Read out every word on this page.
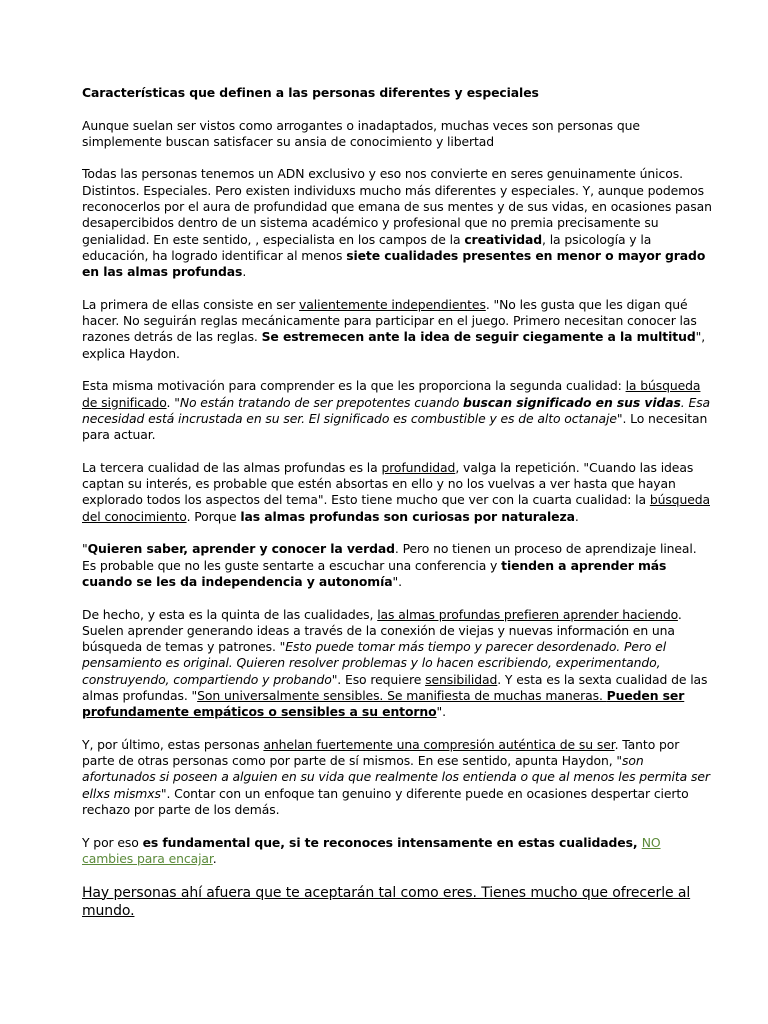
Características que definen a las personas diferentes y especiales

Aunque suelan ser vistos como arrogantes o inadaptados, muchas veces son personas que simplemente buscan satisfacer su ansia de conocimiento y libertad

Todas las personas tenemos un ADN exclusivo y eso nos convierte en seres genuinamente únicos. Distintos. Especiales. Pero existen individuxs mucho más diferentes y especiales. Y, aunque podemos reconocerlos por el aura de profundidad que emana de sus mentes y de sus vidas, en ocasiones pasan desapercibidos dentro de un sistema académico y profesional que no premia precisamente su genialidad. En este sentido, , especialista en los campos de la creatividad, la psicología y la educación, ha logrado identificar al menos siete cualidades presentes en menor o mayor grado en las almas profundas.

La primera de ellas consiste en ser valientemente independientes. "No les gusta que les digan qué hacer. No seguirán reglas mecánicamente para participar en el juego. Primero necesitan conocer las razones detrás de las reglas. Se estremecen ante la idea de seguir ciegamente a la multitud", explica Haydon.

Esta misma motivación para comprender es la que les proporciona la segunda cualidad: la búsqueda de significado. "No están tratando de ser prepotentes cuando buscan significado en sus vidas. Esa necesidad está incrustada en su ser. El significado es combustible y es de alto octanaje". Lo necesitan para actuar.

La tercera cualidad de las almas profundas es la profundidad, valga la repetición. "Cuando las ideas captan su interés, es probable que estén absortas en ello y no los vuelvas a ver hasta que hayan explorado todos los aspectos del tema". Esto tiene mucho que ver con la cuarta cualidad: la búsqueda del conocimiento. Porque las almas profundas son curiosas por naturaleza.

"Quieren saber, aprender y conocer la verdad. Pero no tienen un proceso de aprendizaje lineal. Es probable que no les guste sentarte a escuchar una conferencia y tienden a aprender más cuando se les da independencia y autonomía".

De hecho, y esta es la quinta de las cualidades, las almas profundas prefieren aprender haciendo. Suelen aprender generando ideas a través de la conexión de viejas y nuevas información en una búsqueda de temas y patrones. "Esto puede tomar más tiempo y parecer desordenado. Pero el pensamiento es original. Quieren resolver problemas y lo hacen escribiendo, experimentando, construyendo, compartiendo y probando". Eso requiere sensibilidad. Y esta es la sexta cualidad de las almas profundas. "Son universalmente sensibles. Se manifiesta de muchas maneras. Pueden ser profundamente empáticos o sensibles a su entorno".

Y, por último, estas personas anhelan fuertemente una compresión auténtica de su ser. Tanto por parte de otras personas como por parte de sí mismos. En ese sentido, apunta Haydon, "son afortunados si poseen a alguien en su vida que realmente los entienda o que al menos les permita ser ellxs mismxs". Contar con un enfoque tan genuino y diferente puede en ocasiones despertar cierto rechazo por parte de los demás.

Y por eso es fundamental que, si te reconoces intensamente en estas cualidades, NO cambies para encajar.

Hay personas ahí afuera que te aceptarán tal como eres. Tienes mucho que ofrecerle al mundo.
